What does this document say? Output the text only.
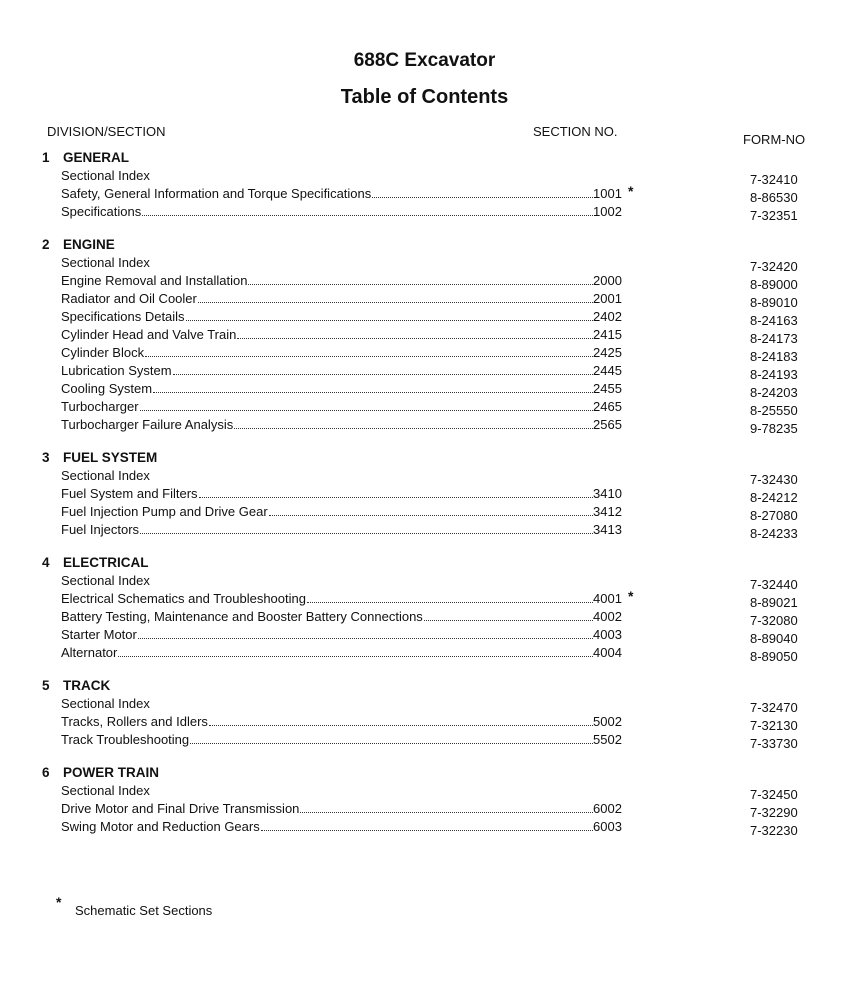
688C Excavator
Table of Contents
DIVISION/SECTION	SECTION NO.
FORM-NO
1 GENERAL
Sectional Index	7-32410
Safety, General Information and Torque Specifications	1001 *	8-86530
Specifications	1002	7-32351
2 ENGINE
Sectional Index	7-32420
Engine Removal and Installation	2000	8-89000
Radiator and Oil Cooler	2001	8-89010
Specifications Details	2402	8-24163
Cylinder Head and Valve Train	2415	8-24173
Cylinder Block	2425	8-24183
Lubrication System	2445	8-24193
Cooling System	2455	8-24203
Turbocharger	2465	8-25550
Turbocharger Failure Analysis	2565	9-78235
3 FUEL SYSTEM
Sectional Index	7-32430
Fuel System and Filters	3410	8-24212
Fuel Injection Pump and Drive Gear	3412	8-27080
Fuel Injectors	3413	8-24233
4 ELECTRICAL
Sectional Index	7-32440
Electrical Schematics and Troubleshooting	4001 *	8-89021
Battery Testing, Maintenance and Booster Battery Connections	4002	7-32080
Starter Motor	4003	8-89040
Alternator	4004	8-89050
5 TRACK
Sectional Index	7-32470
Tracks, Rollers and Idlers	5002	7-32130
Track Troubleshooting	5502	7-33730
6 POWER TRAIN
Sectional Index	7-32450
Drive Motor and Final Drive Transmission	6002	7-32290
Swing Motor and Reduction Gears	6003	7-32230
*
Schematic Set Sections
